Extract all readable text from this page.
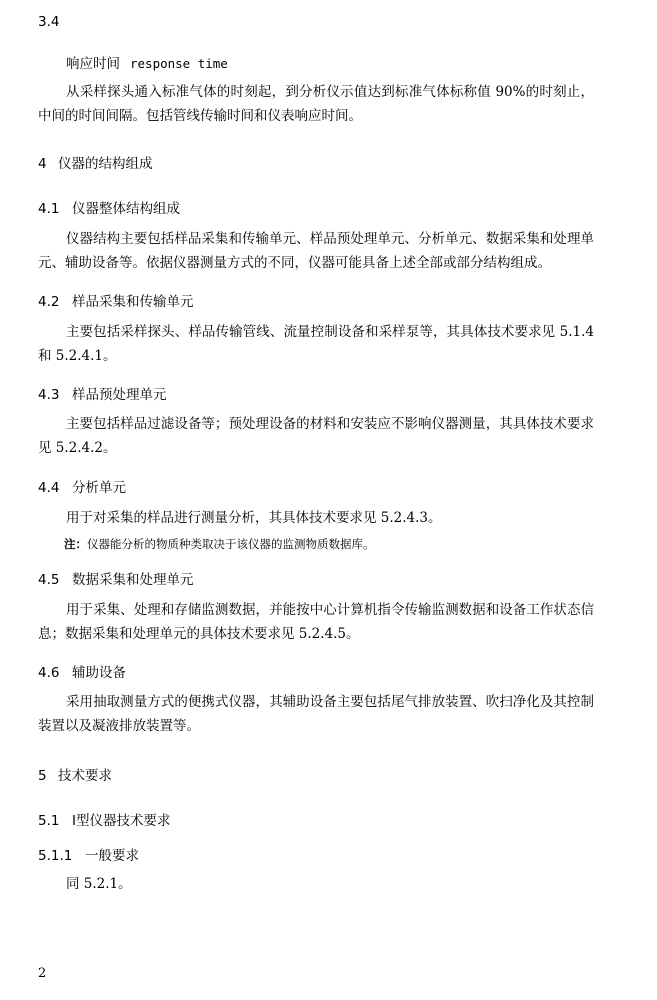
3.4
响应时间 response time
从采样探头通入标准气体的时刻起，到分析仪示值达到标准气体标称值 90%的时刻止，中间的时间间隔。包括管线传输时间和仪表响应时间。
4 仪器的结构组成
4.1 仪器整体结构组成
仪器结构主要包括样品采集和传输单元、样品预处理单元、分析单元、数据采集和处理单元、辅助设备等。依据仪器测量方式的不同，仪器可能具备上述全部或部分结构组成。
4.2 样品采集和传输单元
主要包括采样探头、样品传输管线、流量控制设备和采样泵等，其具体技术要求见 5.1.4 和 5.2.4.1。
4.3 样品预处理单元
主要包括样品过滤设备等；预处理设备的材料和安装应不影响仪器测量，其具体技术要求见 5.2.4.2。
4.4 分析单元
用于对采集的样品进行测量分析，其具体技术要求见 5.2.4.3。
注：仪器能分析的物质种类取决于该仪器的监测物质数据库。
4.5 数据采集和处理单元
用于采集、处理和存储监测数据，并能按中心计算机指令传输监测数据和设备工作状态信息；数据采集和处理单元的具体技术要求见 5.2.4.5。
4.6 辅助设备
采用抽取测量方式的便携式仪器，其辅助设备主要包括尾气排放装置、吹扫净化及其控制装置以及凝液排放装置等。
5 技术要求
5.1 Ⅰ型仪器技术要求
5.1.1 一般要求
同 5.2.1。
2
